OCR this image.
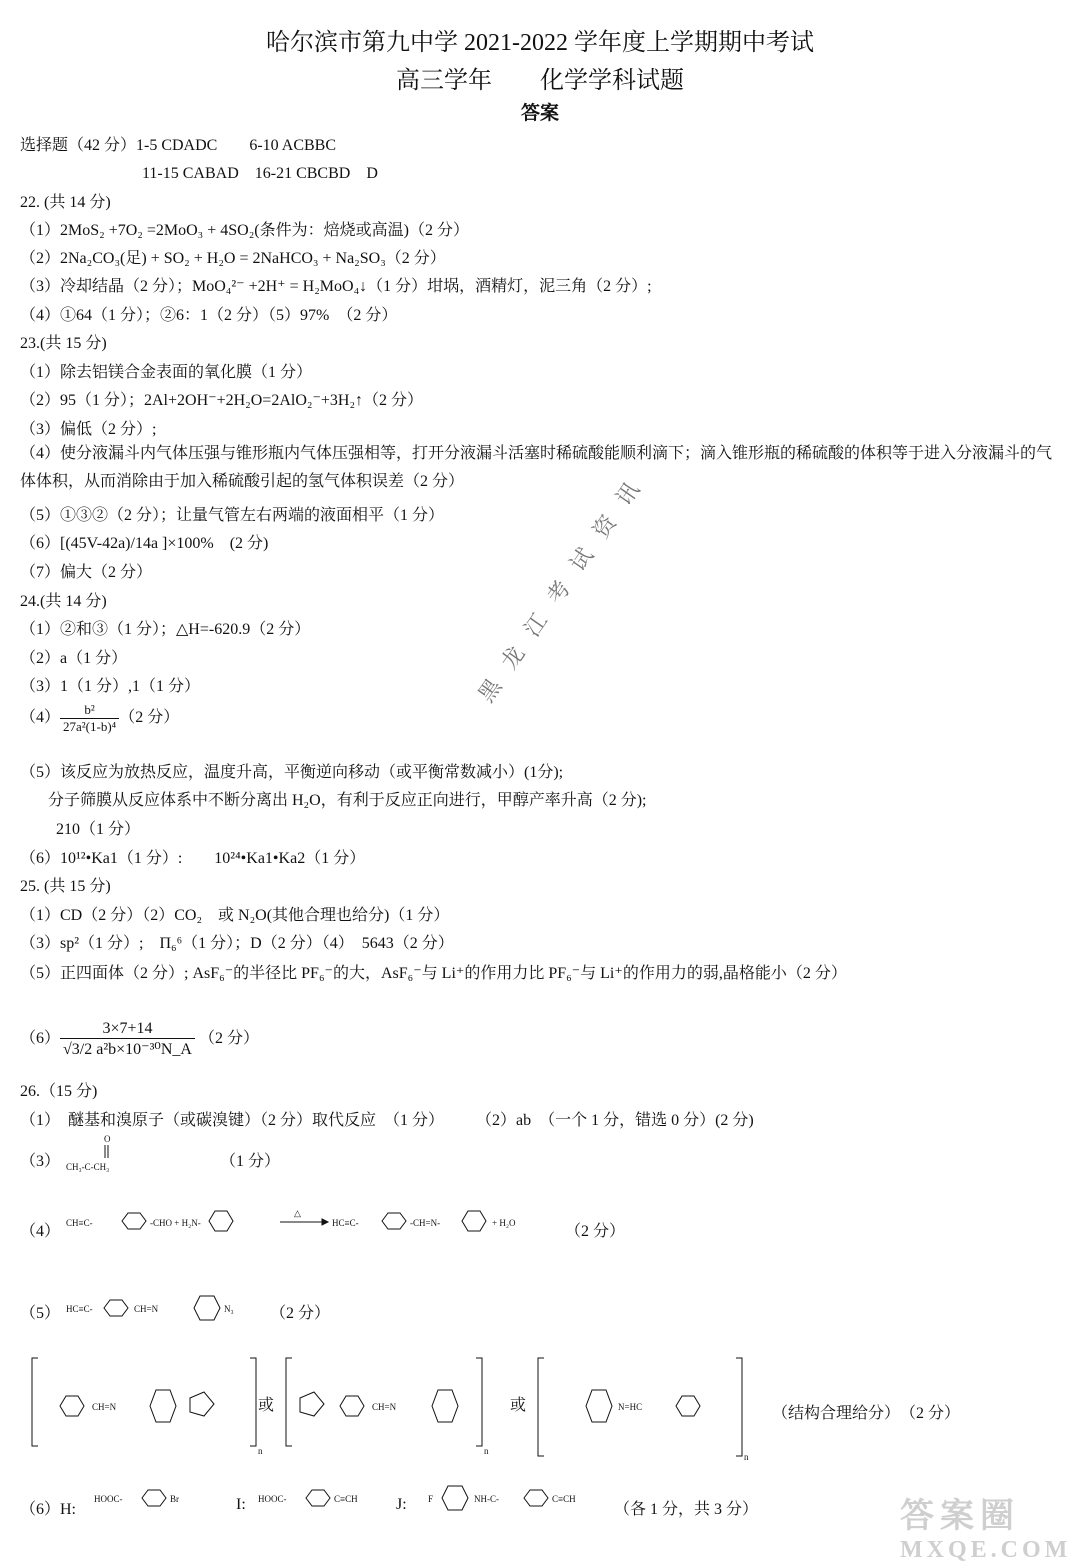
哈尔滨市第九中学 2021-2022 学年度上学期期中考试
高三学年　　化学学科试题
答案
选择题（42 分）1-5 CDADC　　6-10 ACBBC
11-15 CABAD　16-21 CBCBD　D
22. (共 14 分)
（1）2MoS₂ +7O₂ =2MoO₃ + 4SO₂(条件为：焙烧或高温)（2 分）
（2）2Na₂CO₃(足) + SO₂ + H₂O = 2NaHCO₃ + Na₂SO₃（2 分）
（3）冷却结晶（2 分）；MoO₄²⁻ +2H⁺ = H₂MoO₄↓（1 分）坩埚，酒精灯，泥三角（2 分）;
（4）①64（1 分）；②6：1（2 分）（5）97%　（2 分）
23.(共 15 分)
（1）除去铝镁合金表面的氧化膜（1 分）
（2）95（1 分）；2Al+2OH⁻+2H₂O=2AlO₂⁻+3H₂↑（2 分）
（3）偏低（2 分）;
（4）使分液漏斗内气体压强与锥形瓶内气体压强相等，打开分液漏斗活塞时稀硫酸能顺利滴下；滴入锥形瓶的稀硫酸的体积等于进入分液漏斗的气体体积，从而消除由于加入稀硫酸引起的氢气体积误差（2 分）
（5）①③②（2 分）；让量气管左右两端的液面相平（1 分）
（6）[(45V-42a)/14a ]×100%　(2 分)
（7）偏大（2 分）
24.(共 14 分)
（1）②和③（1 分）；△H=-620.9（2 分）
（2）a（1 分）
（3）1（1 分）,1（1 分）
$(4) \frac{\text{b²}}{\text{27a²(1-b)⁴}} (2$ 分）
（5）该反应为放热反应，温度升高，平衡逆向移动（或平衡常数减小）(1分);
分子筛膜从反应体系中不断分离出 H₂O，有利于反应正向进行，甲醇产率升高（2 分);
210（1 分）
（6）10¹²•Ka1（1 分）:　　10²⁴•Ka1•Ka2（1 分）
25. (共 15 分)
（1）CD（2 分）（2）CO₂　或 N₂O(其他合理也给分)（1 分）
（3）sp²（1 分）;　Π₆⁶（1 分）；D（2 分）（4）　5643（2 分）
（5）正四面体（2 分）; AsF₆⁻的半径比 PF₆⁻的大，AsF₆⁻与 Li⁺的作用力比 PF₆⁻与 Li⁺的作用力的弱,晶格能小（2 分）
$(6) \frac{3\times 7+14}{\text{√3/2 a²b×10⁻³⁰N\_A}} (2$ 分）
26.（15 分)
（1）　醚基和溴原子（或碳溴键）（2 分）取代反应　（1 分）　　　（2）ab　（一个 1 分，错选 0 分）(2 分)
（3）
O
CH₃-C-CH₃	（1 分）
（4） CH≡C-	-CHO + H₂N-
△
HC≡C-	-CH=N-	+ H₂O	（2 分）
（5） HC≡C-	CH=N	N₃ （2 分）
CH=N
n
或	CH=N
n
或	N=HC
n
（结构合理给分）　（2 分）
（6）H:
HOOC-	Br	I: HOOC-	C≡CH J: F	NH-C-	C≡CH
（各 1 分，共 3 分）
黑龙江考试资讯
答案圈
MXQE.COM
